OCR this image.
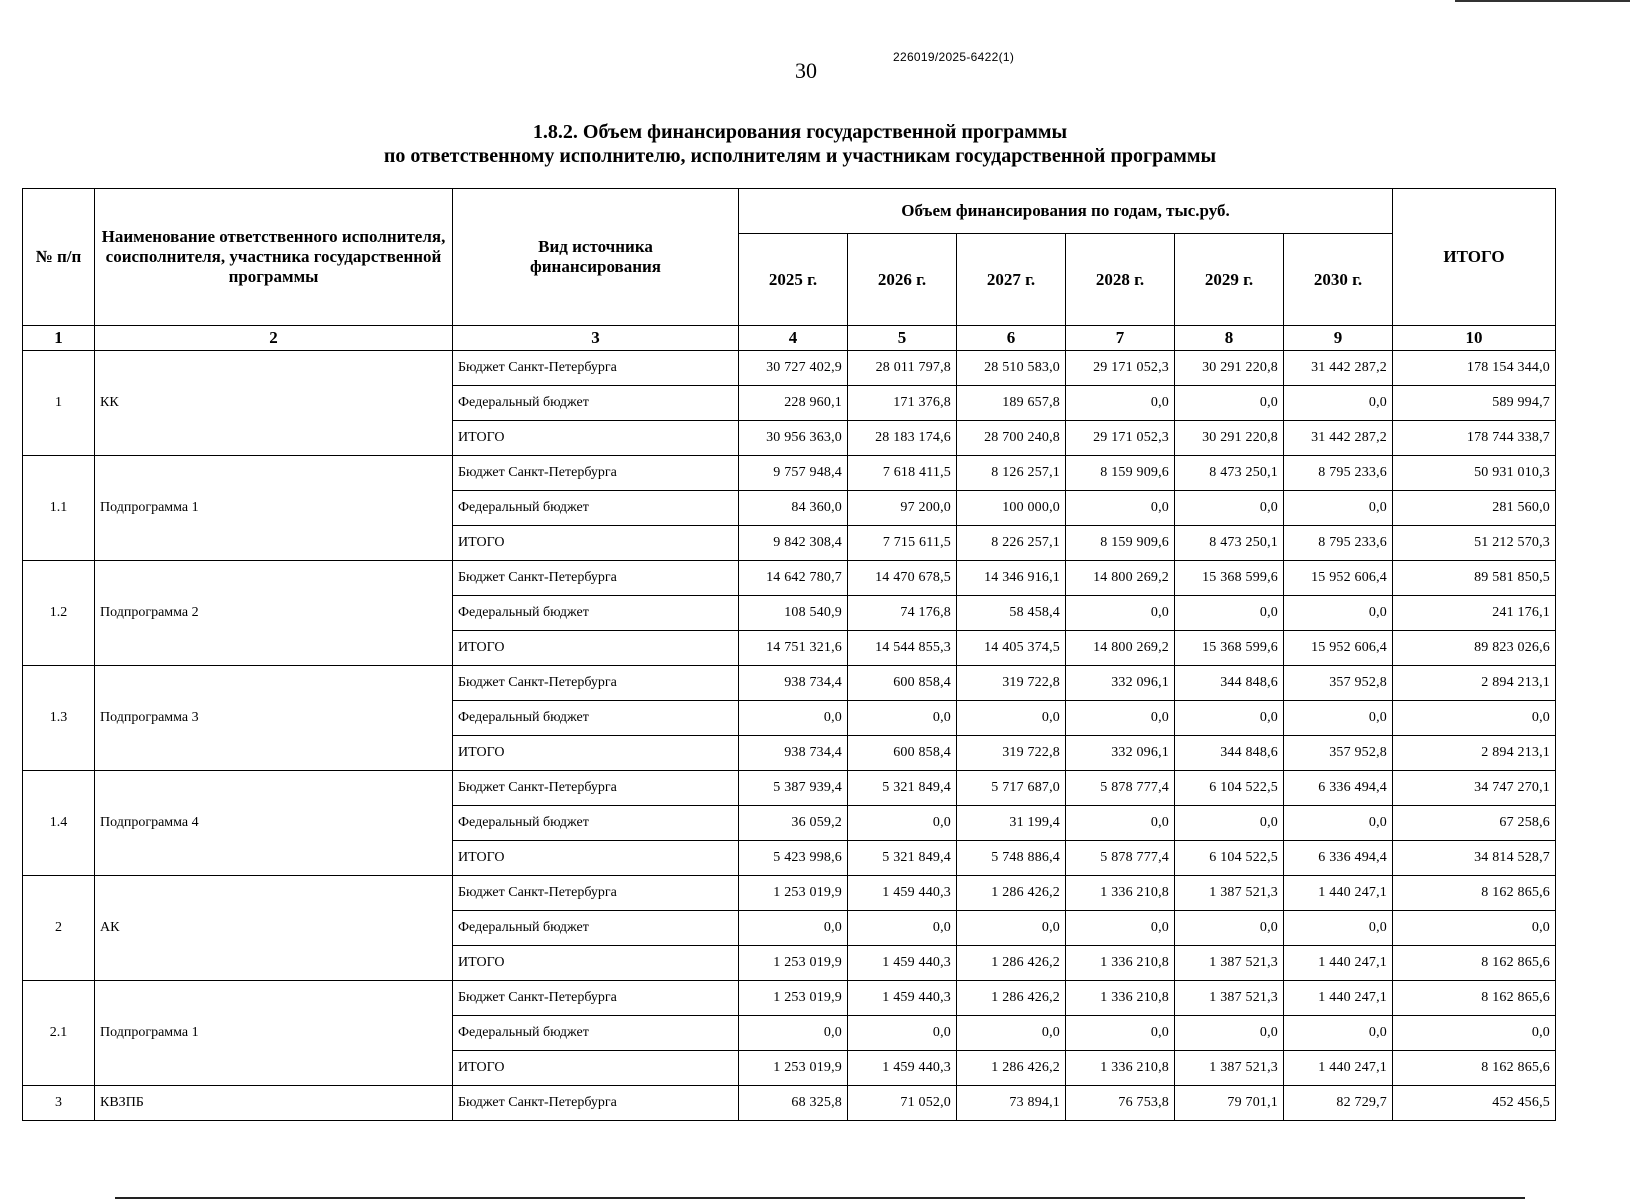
226019/2025-6422(1)
30
1.8.2. Объем финансирования государственной программы
по ответственному исполнителю, исполнителям и участникам государственной программы
№ п/п	Наименование ответственного исполнителя, соисполнителя, участника государственной программы	Вид источника финансирования	Объем финансирования по годам, тыс.руб.						ИТОГО
			2025 г.	2026 г.	2027 г.	2028 г.	2029 г.	2030 г.	
1	2	3	4	5	6	7	8	9	10
1	КК	Бюджет Санкт-Петербурга	30 727 402,9	28 011 797,8	28 510 583,0	29 171 052,3	30 291 220,8	31 442 287,2	178 154 344,0
		Федеральный бюджет	228 960,1	171 376,8	189 657,8	0,0	0,0	0,0	589 994,7
		ИТОГО	30 956 363,0	28 183 174,6	28 700 240,8	29 171 052,3	30 291 220,8	31 442 287,2	178 744 338,7
1.1	Подпрограмма 1	Бюджет Санкт-Петербурга	9 757 948,4	7 618 411,5	8 126 257,1	8 159 909,6	8 473 250,1	8 795 233,6	50 931 010,3
		Федеральный бюджет	84 360,0	97 200,0	100 000,0	0,0	0,0	0,0	281 560,0
		ИТОГО	9 842 308,4	7 715 611,5	8 226 257,1	8 159 909,6	8 473 250,1	8 795 233,6	51 212 570,3
1.2	Подпрограмма 2	Бюджет Санкт-Петербурга	14 642 780,7	14 470 678,5	14 346 916,1	14 800 269,2	15 368 599,6	15 952 606,4	89 581 850,5
		Федеральный бюджет	108 540,9	74 176,8	58 458,4	0,0	0,0	0,0	241 176,1
		ИТОГО	14 751 321,6	14 544 855,3	14 405 374,5	14 800 269,2	15 368 599,6	15 952 606,4	89 823 026,6
1.3	Подпрограмма 3	Бюджет Санкт-Петербурга	938 734,4	600 858,4	319 722,8	332 096,1	344 848,6	357 952,8	2 894 213,1
		Федеральный бюджет	0,0	0,0	0,0	0,0	0,0	0,0	0,0
		ИТОГО	938 734,4	600 858,4	319 722,8	332 096,1	344 848,6	357 952,8	2 894 213,1
1.4	Подпрограмма 4	Бюджет Санкт-Петербурга	5 387 939,4	5 321 849,4	5 717 687,0	5 878 777,4	6 104 522,5	6 336 494,4	34 747 270,1
		Федеральный бюджет	36 059,2	0,0	31 199,4	0,0	0,0	0,0	67 258,6
		ИТОГО	5 423 998,6	5 321 849,4	5 748 886,4	5 878 777,4	6 104 522,5	6 336 494,4	34 814 528,7
2	АК	Бюджет Санкт-Петербурга	1 253 019,9	1 459 440,3	1 286 426,2	1 336 210,8	1 387 521,3	1 440 247,1	8 162 865,6
		Федеральный бюджет	0,0	0,0	0,0	0,0	0,0	0,0	0,0
		ИТОГО	1 253 019,9	1 459 440,3	1 286 426,2	1 336 210,8	1 387 521,3	1 440 247,1	8 162 865,6
2.1	Подпрограмма 1	Бюджет Санкт-Петербурга	1 253 019,9	1 459 440,3	1 286 426,2	1 336 210,8	1 387 521,3	1 440 247,1	8 162 865,6
		Федеральный бюджет	0,0	0,0	0,0	0,0	0,0	0,0	0,0
		ИТОГО	1 253 019,9	1 459 440,3	1 286 426,2	1 336 210,8	1 387 521,3	1 440 247,1	8 162 865,6
3	КВЗПБ	Бюджет Санкт-Петербурга	68 325,8	71 052,0	73 894,1	76 753,8	79 701,1	82 729,7	452 456,5
